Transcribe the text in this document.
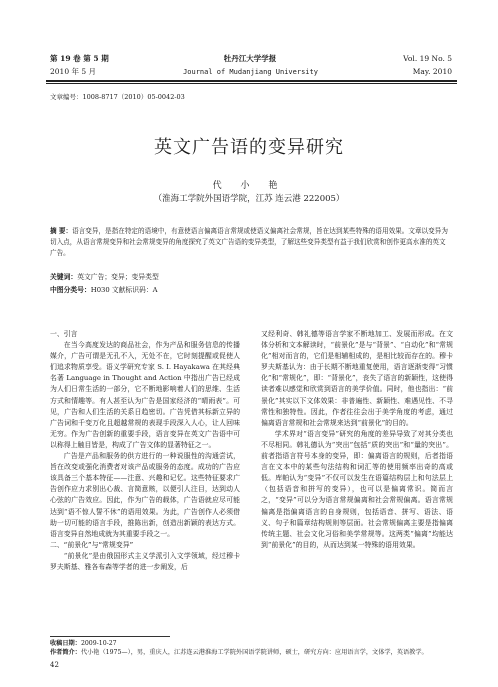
第 19 卷 第 5 期
2010 年 5 月
牡丹江大学学报
Journal of Mudanjiang University
Vol. 19 No. 5
May. 2010
文章编号：1008-8717（2010）05-0042-03
英文广告语的变异研究
代 小 艳
（淮海工学院外国语学院，江苏 连云港 222005）
摘 要：语言变异，是指在特定的语境中，有意使语言偏离语言常规或使语义偏离社会常规，旨在达到某些特殊的语用效果。文章以变异为切入点，从语言常规变异和社会常规变异的角度探究了英文广告语的变异类型，了解这些变异类型有益于我们欣赏和创作更高水准的英文广告。
关键词：英文广告；变异；变异类型
中图分类号：H030 文献标识码：A
一、引言

在当今高度发达的商品社会，作为产品和服务信息的传播媒介，广告可谓是无孔不入，无处不在，它时刻提醒或促使人们追求物质享受。语义学研究专家 S. I. Hayakawa 在其经典名著 Language in Thought and Action 中指出广告已经成为人们日常生活的一部分，它不断地影响着人们的思维、生活方式和情趣等。有人甚至认为广告是国家经济的“晴雨表”。可见，广告和人们生活的关系日趋密切。广告凭借其标新立异的广告词和千变万化且超越常规的表现手段深入人心，让人回味无穷。作为广告创新的重要手段，语言变异在英文广告语中可以称得上触目皆是，构成了广告文体的显著特征之一。

广告是产品和服务的供方进行的一种说服性的沟通尝试，旨在改变或强化消费者对该产品或服务的态度。成功的广告应该具备三个基本特征——注意、兴趣和记忆。这些特征要求广告创作应力求别出心裁、言简意赅，以便引人注目，达到动人心弦的广告效应。因此，作为广告的载体，广告语就应尽可能达到“语不惊人誓不休”的语用效果。为此，广告创作人必须借助一切可能的语言手段，推陈出新，创造出新颖的表达方式。语言变异自然地成就为其重要手段之一。

二、“前景化”与“常规变异”

“前景化”是由俄国形式主义学派引入文学领域，经过穆卡罗夫斯基、雅各布森等学者的进一步阐发，后

又经利奇、韩礼德等语言学家不断地加工、发展而形成。在文体分析和文本解读时，“前景化”是与“背景”、“自动化”和“常规化”相对而言的，它们是相辅相成的，是相比较而存在的。穆卡罗夫斯基认为：由于长期不断地重复使用，语言逐渐变得“习惯化”和“常规化”，即：“背景化”，丧失了语言的新颖性，这使得读者难以感觉和欣赏到语言的美学价值。同时，他也指出：“前景化”其实以下文体效果：非普遍性、新颖性、难遇见性、不寻常性和独特性。因此，作者往往会出于美学角度的考虑，通过偏离语言常规和社会常规来达到“前景化”的目的。

学术界对“语言变异”研究的角度的差异导致了对其分类也不尽相同。韩礼德认为“突出”包括“质的突出”和“量的突出”。前者指语言符号本身的变异，即：偏离语言的规则，后者指语言在文本中的某些句法结构和词汇等的使用频率出奇的高或低。库帕认为“变异”不仅可以发生在语篇结构层上和句法层上（包括语音和拼写的变异），也可以是偏离常识。简而言之，“变异”可以分为语言常规偏离和社会常规偏离。语言常规偏离是指偏离语言的自身规则，包括语音、拼写、语法、语义、句子和篇章结构规则等层面。社会常规偏离主要是指偏离传统主题、社会文化习俗和美学常规等。这两类“偏离”均能达到“前景化”的目的，从而达到某一特殊的语用效果。

收稿日期：2009-10-27
作者简介：代小艳（1975—），男，重庆人，江苏连云港淮海工学院外国语学院讲师，硕士，研究方向：应用语言学，文体学，英语教学。
42
